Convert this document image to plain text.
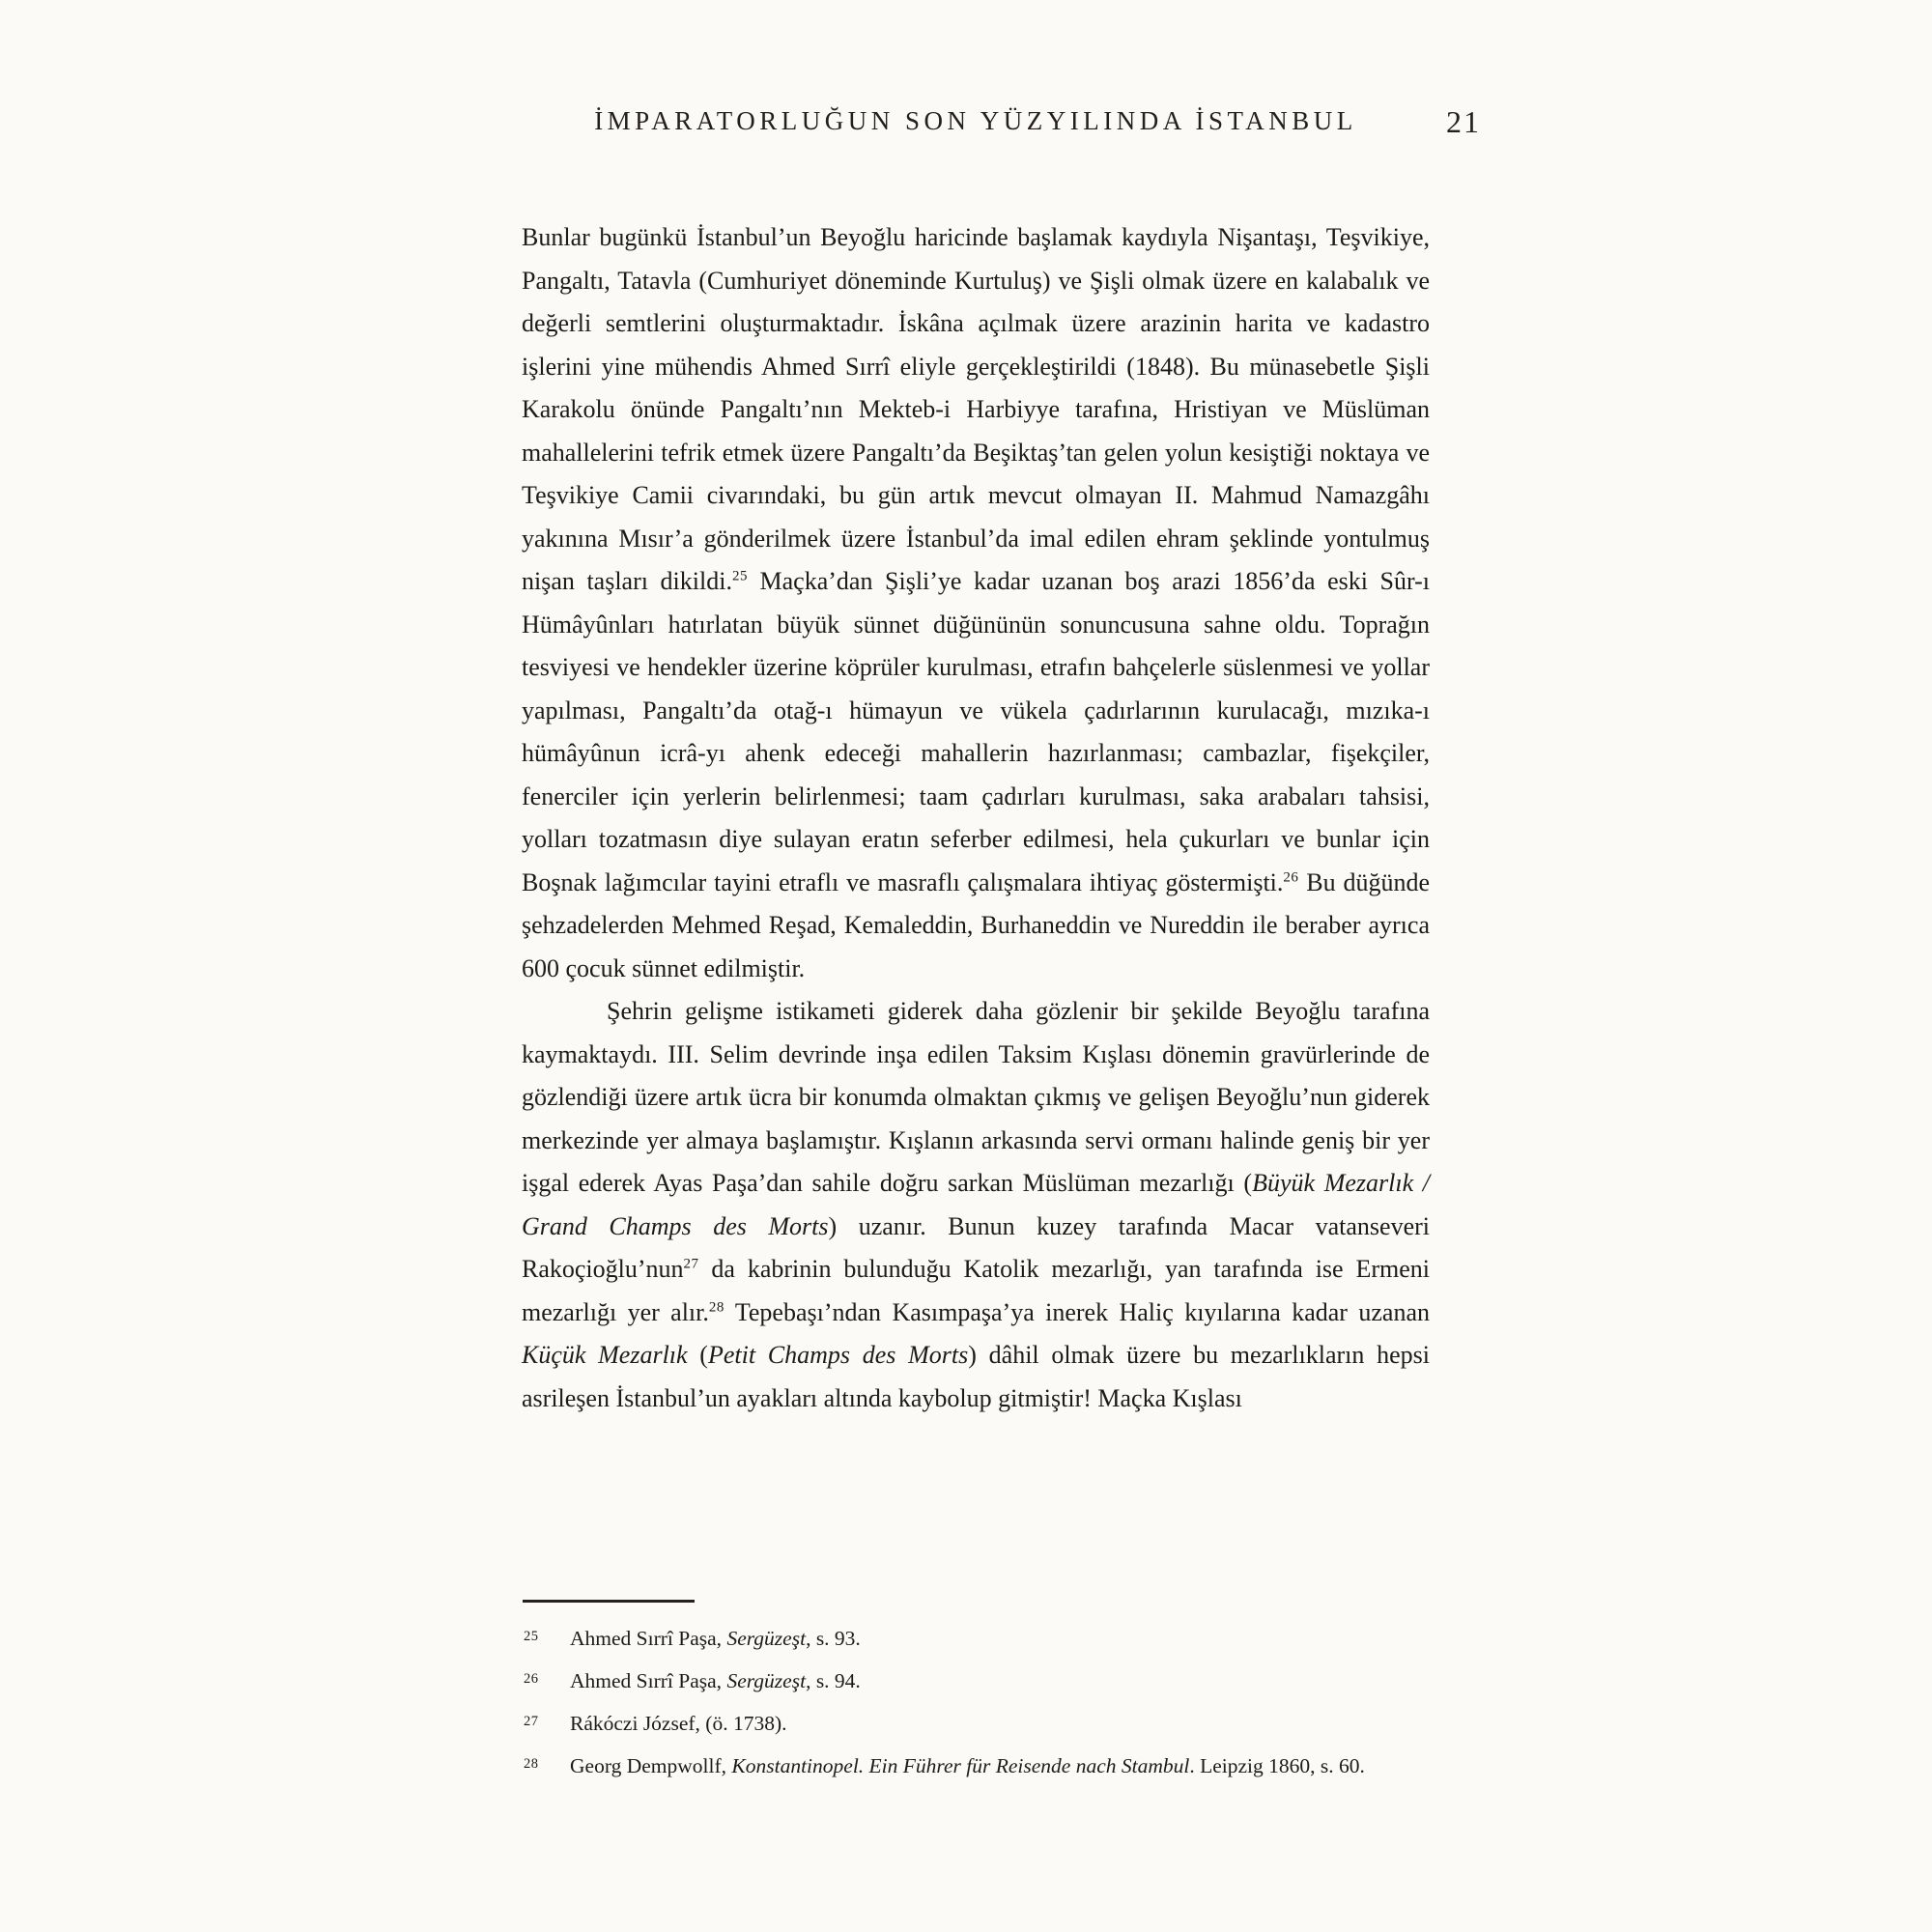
İMPARATORLUĞUN SON YÜZYILINDA İSTANBUL	21
Bunlar bugünkü İstanbul’un Beyoğlu haricinde başlamak kaydıyla Nişantaşı, Teşvikiye, Pangaltı, Tatavla (Cumhuriyet döneminde Kurtuluş) ve Şişli olmak üzere en kalabalık ve değerli semtlerini oluşturmaktadır. İskâna açılmak üzere arazinin harita ve kadastro işlerini yine mühendis Ahmed Sırrî eliyle gerçekleştirildi (1848). Bu münasebetle Şişli Karakolu önünde Pangaltı’nın Mekteb-i Harbiyye tarafına, Hristiyan ve Müslüman mahallelerini tefrik etmek üzere Pangaltı’da Beşiktaş’tan gelen yolun kesiştiği noktaya ve Teşvikiye Camii civarındaki, bu gün artık mevcut olmayan II. Mahmud Namazgâhı yakınına Mısır’a gönderilmek üzere İstanbul’da imal edilen ehram şeklinde yontulmuş nişan taşları dikildi.$^{25}$ Maçka’dan Şişli’ye kadar uzanan boş arazi 1856’da eski Sûr-ı Hümâyûnları hatırlatan büyük sünnet düğününün sonuncusuna sahne oldu. Toprağın tesviyesi ve hendekler üzerine köprüler kurulması, etrafın bahçelerle süslenmesi ve yollar yapılması, Pangaltı’da otağ-ı hümayun ve vükela çadırlarının kurulacağı, mızıka-ı hümâyûnun icrâ-yı ahenk edeceği mahallerin hazırlanması; cambazlar, fişekçiler, fenerciler için yerlerin belirlenmesi; taam çadırları kurulması, saka arabaları tahsisi, yolları tozatmasın diye sulayan eratın seferber edilmesi, hela çukurları ve bunlar için Boşnak lağımcılar tayini etraflı ve masraflı çalışmalara ihtiyaç göstermişti.$^{26}$ Bu düğünde şehzadelerden Mehmed Reşad, Kemaleddin, Burhaneddin ve Nureddin ile beraber ayrıca 600 çocuk sünnet edilmiştir.
Şehrin gelişme istikameti giderek daha gözlenir bir şekilde Beyoğlu tarafına kaymaktaydı. III. Selim devrinde inşa edilen Taksim Kışlası dönemin gravürlerinde de gözlendiği üzere artık ücra bir konumda olmaktan çıkmış ve gelişen Beyoğlu’nun giderek merkezinde yer almaya başlamıştır. Kışlanın arkasında servi ormanı halinde geniş bir yer işgal ederek Ayas Paşa’dan sahile doğru sarkan Müslüman mezarlığı (Büyük Mezarlık / Grand Champs des Morts) uzanır. Bunun kuzey tarafında Macar vatanseveri Rakoçioğlu’nun$^{27}$ da kabrinin bulunduğu Katolik mezarlığı, yan tarafında ise Ermeni mezarlığı yer alır.$^{28}$ Tepebaşı’ndan Kasımpaşa’ya inerek Haliç kıyılarına kadar uzanan Küçük Mezarlık (Petit Champs des Morts) dâhil olmak üzere bu mezarlıkların hepsi asrileşen İstanbul’un ayakları altında kaybolup gitmiştir! Maçka Kışlası
25 Ahmed Sırrî Paşa, Sergüzeşt, s. 93.
26 Ahmed Sırrî Paşa, Sergüzeşt, s. 94.
27 Rákóczi József, (ö. 1738).
28 Georg Dempwollf, Konstantinopel. Ein Führer für Reisende nach Stambul. Leipzig 1860, s. 60.
